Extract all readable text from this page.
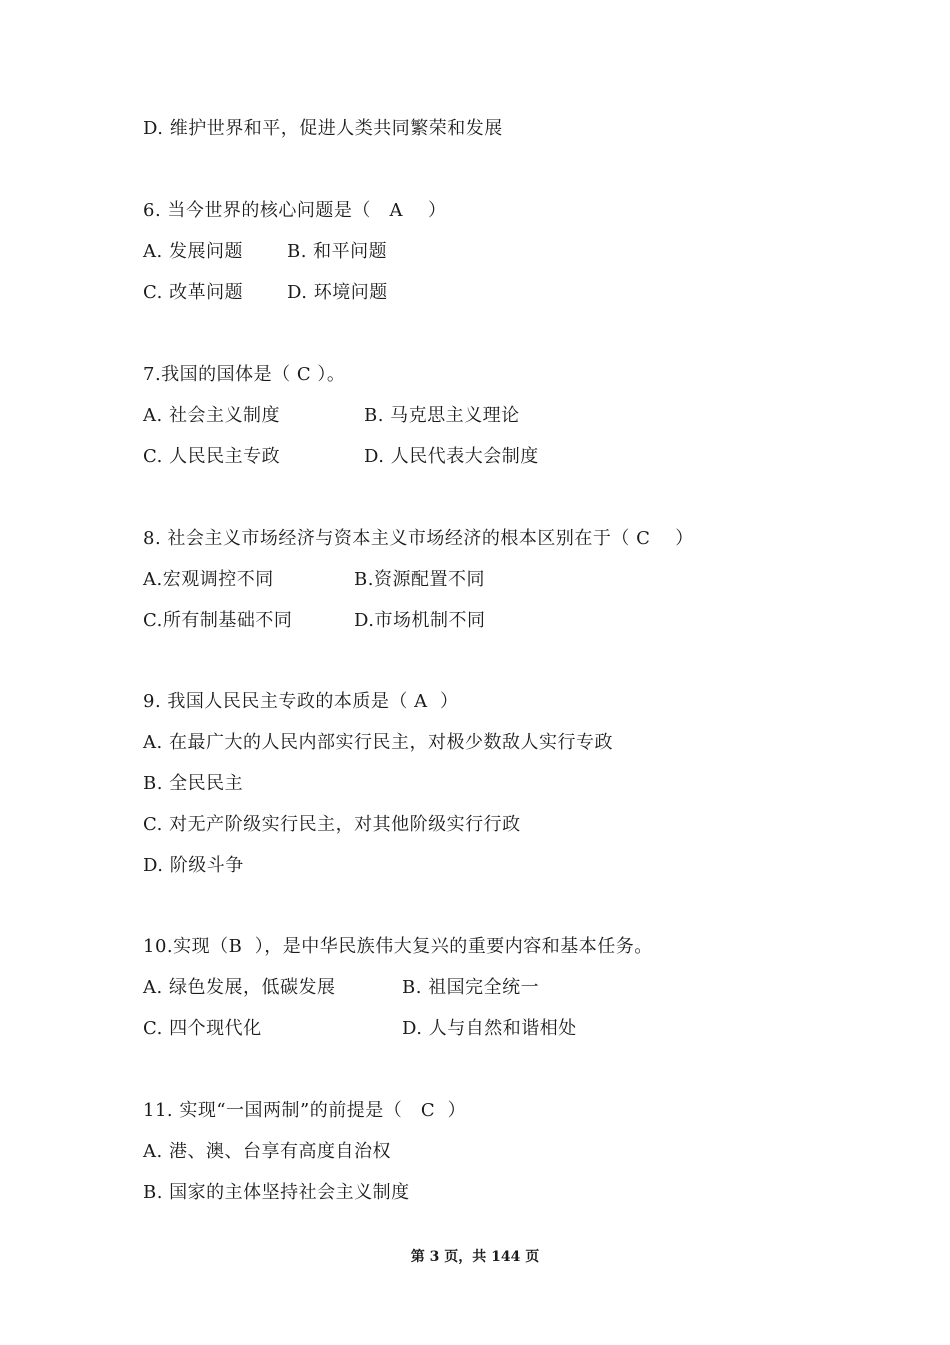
D. 维护世界和平，促进人类共同繁荣和发展
6. 当今世界的核心问题是（   A    ）
A. 发展问题 B. 和平问题
C. 改革问题 D. 环境问题
7.我国的国体是（ C ）。
A. 社会主义制度	B. 马克思主义理论
C. 人民民主专政	D. 人民代表大会制度
8. 社会主义市场经济与资本主义市场经济的根本区别在于（ C    ）
A.宏观调控不同	B.资源配置不同
C.所有制基础不同	D.市场机制不同
9. 我国人民民主专政的本质是（ A  ）
A. 在最广大的人民内部实行民主，对极少数敌人实行专政
B. 全民民主
C. 对无产阶级实行民主，对其他阶级实行行政
D. 阶级斗争
10.实现（B  ），是中华民族伟大复兴的重要内容和基本任务。
A. 绿色发展，低碳发展	B. 祖国完全统一
C. 四个现代化	D. 人与自然和谐相处
11. 实现“一国两制”的前提是（   C  ）
A. 港、澳、台享有高度自治权
B. 国家的主体坚持社会主义制度
第 3 页，共 144 页
